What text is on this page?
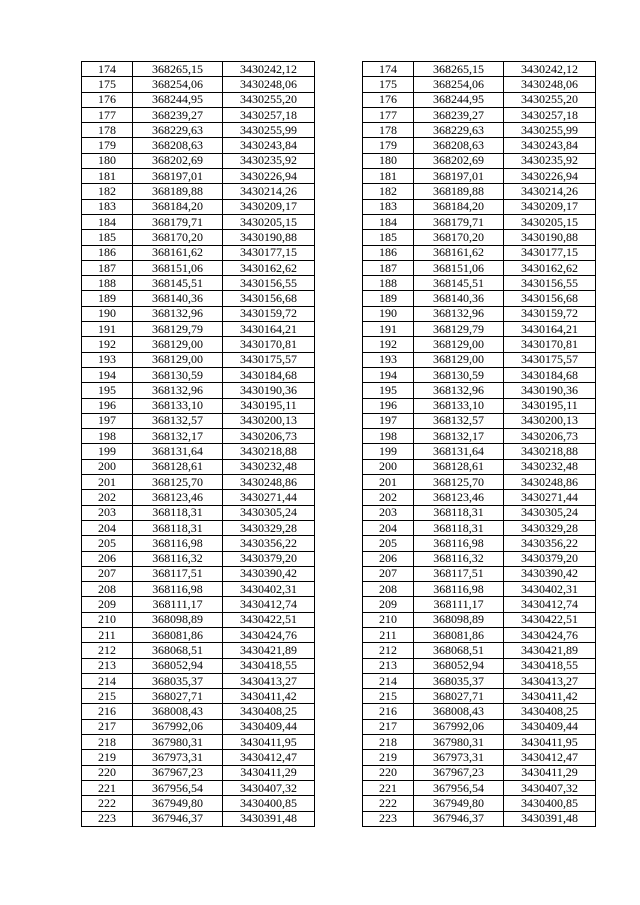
174	368265,15	3430242,12		174	368265,15	3430242,12
175	368254,06	3430248,06		175	368254,06	3430248,06
176	368244,95	3430255,20		176	368244,95	3430255,20
177	368239,27	3430257,18		177	368239,27	3430257,18
178	368229,63	3430255,99		178	368229,63	3430255,99
179	368208,63	3430243,84		179	368208,63	3430243,84
180	368202,69	3430235,92		180	368202,69	3430235,92
181	368197,01	3430226,94		181	368197,01	3430226,94
182	368189,88	3430214,26		182	368189,88	3430214,26
183	368184,20	3430209,17		183	368184,20	3430209,17
184	368179,71	3430205,15		184	368179,71	3430205,15
185	368170,20	3430190,88		185	368170,20	3430190,88
186	368161,62	3430177,15		186	368161,62	3430177,15
187	368151,06	3430162,62		187	368151,06	3430162,62
188	368145,51	3430156,55		188	368145,51	3430156,55
189	368140,36	3430156,68		189	368140,36	3430156,68
190	368132,96	3430159,72		190	368132,96	3430159,72
191	368129,79	3430164,21		191	368129,79	3430164,21
192	368129,00	3430170,81		192	368129,00	3430170,81
193	368129,00	3430175,57		193	368129,00	3430175,57
194	368130,59	3430184,68		194	368130,59	3430184,68
195	368132,96	3430190,36		195	368132,96	3430190,36
196	368133,10	3430195,11		196	368133,10	3430195,11
197	368132,57	3430200,13		197	368132,57	3430200,13
198	368132,17	3430206,73		198	368132,17	3430206,73
199	368131,64	3430218,88		199	368131,64	3430218,88
200	368128,61	3430232,48		200	368128,61	3430232,48
201	368125,70	3430248,86		201	368125,70	3430248,86
202	368123,46	3430271,44		202	368123,46	3430271,44
203	368118,31	3430305,24		203	368118,31	3430305,24
204	368118,31	3430329,28		204	368118,31	3430329,28
205	368116,98	3430356,22		205	368116,98	3430356,22
206	368116,32	3430379,20		206	368116,32	3430379,20
207	368117,51	3430390,42		207	368117,51	3430390,42
208	368116,98	3430402,31		208	368116,98	3430402,31
209	368111,17	3430412,74		209	368111,17	3430412,74
210	368098,89	3430422,51		210	368098,89	3430422,51
211	368081,86	3430424,76		211	368081,86	3430424,76
212	368068,51	3430421,89		212	368068,51	3430421,89
213	368052,94	3430418,55		213	368052,94	3430418,55
214	368035,37	3430413,27		214	368035,37	3430413,27
215	368027,71	3430411,42		215	368027,71	3430411,42
216	368008,43	3430408,25		216	368008,43	3430408,25
217	367992,06	3430409,44		217	367992,06	3430409,44
218	367980,31	3430411,95		218	367980,31	3430411,95
219	367973,31	3430412,47		219	367973,31	3430412,47
220	367967,23	3430411,29		220	367967,23	3430411,29
221	367956,54	3430407,32		221	367956,54	3430407,32
222	367949,80	3430400,85		222	367949,80	3430400,85
223	367946,37	3430391,48		223	367946,37	3430391,48
